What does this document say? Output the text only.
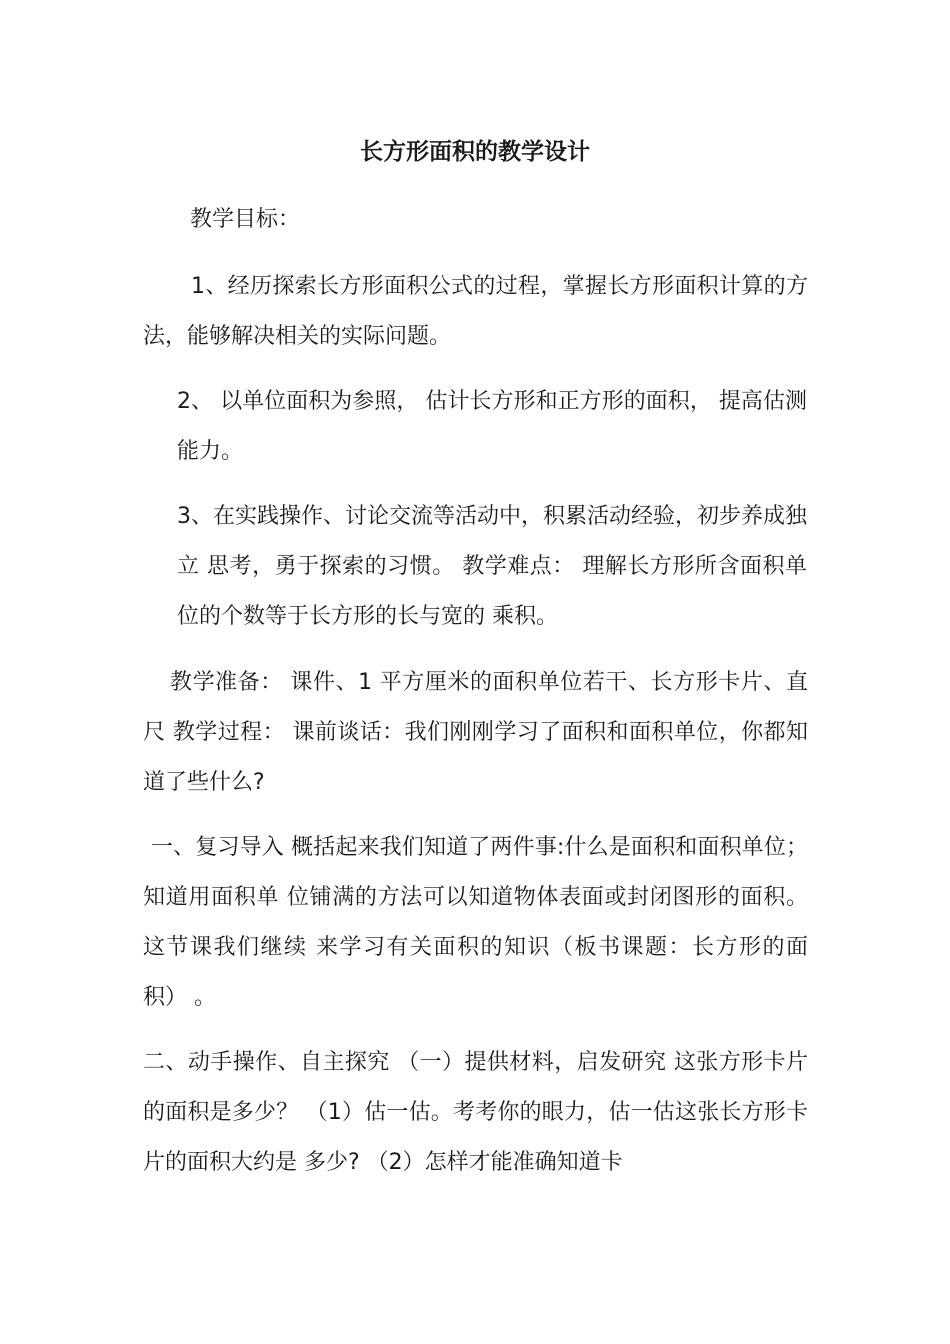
长方形面积的教学设计

教学目标：

1、经历探索长方形面积公式的过程，掌握长方形面积计算的方法，能够解决相关的实际问题。

2、 以单位面积为参照， 估计长方形和正方形的面积， 提高估测能力。

3、在实践操作、讨论交流等活动中，积累活动经验，初步养成独立 思考，勇于探索的习惯。 教学难点： 理解长方形所含面积单位的个数等于长方形的长与宽的 乘积。

教学准备： 课件、1 平方厘米的面积单位若干、长方形卡片、直尺 教学过程： 课前谈话：我们刚刚学习了面积和面积单位，你都知道了些什么?

一、复习导入 概括起来我们知道了两件事:什么是面积和面积单位； 知道用面积单 位铺满的方法可以知道物体表面或封闭图形的面积。 这节课我们继续 来学习有关面积的知识（板书课题：长方形的面积） 。

二、动手操作、自主探究 （一）提供材料，启发研究 这张方形卡片的面积是多少？ （1）估一估。考考你的眼力，估一估这张长方形卡片的面积大约是 多少? （2）怎样才能准确知道卡
